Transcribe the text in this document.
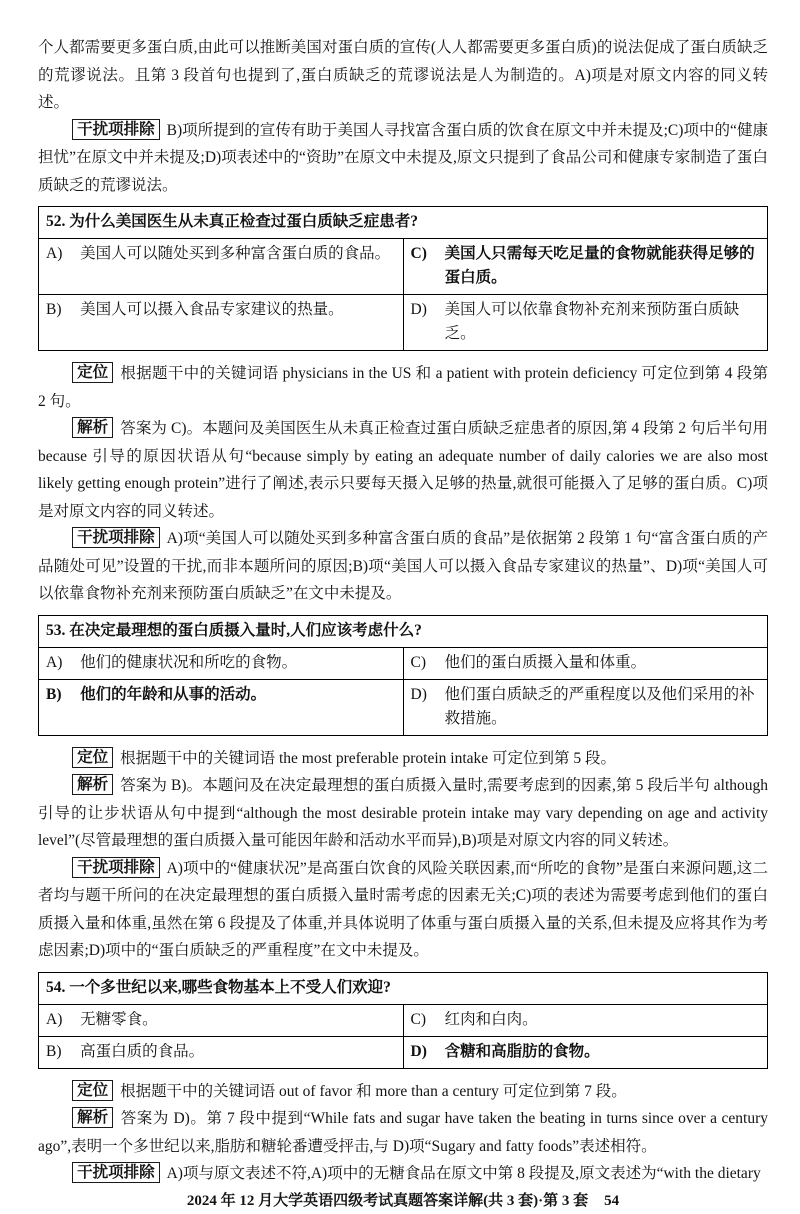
个人都需要更多蛋白质,由此可以推断美国对蛋白质的宣传(人人都需要更多蛋白质)的说法促成了蛋白质缺乏的荒谬说法。且第 3 段首句也提到了,蛋白质缺乏的荒谬说法是人为制造的。A)项是对原文内容的同义转述。

干扰项排除 B)项所提到的宣传有助于美国人寻找富含蛋白质的饮食在原文中并未提及;C)项中的“健康担忧”在原文中并未提及;D)项表述中的“资助”在原文中未提及,原文只提到了食品公司和健康专家制造了蛋白质缺乏的荒谬说法。

52. 为什么美国医生从未真正检查过蛋白质缺乏症患者?	

A) 美国人可以随处买到多种富含蛋白质的食品。	C) 美国人只需每天吃足量的食物就能获得足够的蛋白质。

B) 美国人可以摄入食品专家建议的热量。	D) 美国人可以依靠食物补充剂来预防蛋白质缺乏。

定位 根据题干中的关键词语 physicians in the US 和 a patient with protein deficiency 可定位到第 4 段第 2 句。

解析 答案为 C)。本题问及美国医生从未真正检查过蛋白质缺乏症患者的原因,第 4 段第 2 句后半句用 because 引导的原因状语从句“because simply by eating an adequate number of daily calories we are also most likely getting enough protein”进行了阐述,表示只要每天摄入足够的热量,就很可能摄入了足够的蛋白质。C)项是对原文内容的同义转述。

干扰项排除 A)项“美国人可以随处买到多种富含蛋白质的食品”是依据第 2 段第 1 句“富含蛋白质的产品随处可见”设置的干扰,而非本题所问的原因;B)项“美国人可以摄入食品专家建议的热量”、D)项“美国人可以依靠食物补充剂来预防蛋白质缺乏”在文中未提及。

53. 在决定最理想的蛋白质摄入量时,人们应该考虑什么?	

A) 他们的健康状况和所吃的食物。	C) 他们的蛋白质摄入量和体重。

B) 他们的年龄和从事的活动。	D) 他们蛋白质缺乏的严重程度以及他们采用的补救措施。

定位 根据题干中的关键词语 the most preferable protein intake 可定位到第 5 段。

解析 答案为 B)。本题问及在决定最理想的蛋白质摄入量时,需要考虑到的因素,第 5 段后半句 although 引导的让步状语从句中提到“although the most desirable protein intake may vary depending on age and activity level”(尽管最理想的蛋白质摄入量可能因年龄和活动水平而异),B)项是对原文内容的同义转述。

干扰项排除 A)项中的“健康状况”是高蛋白饮食的风险关联因素,而“所吃的食物”是蛋白来源问题,这二者均与题干所问的在决定最理想的蛋白质摄入量时需考虑的因素无关;C)项的表述为需要考虑到他们的蛋白质摄入量和体重,虽然在第 6 段提及了体重,并具体说明了体重与蛋白质摄入量的关系,但未提及应将其作为考虑因素;D)项中的“蛋白质缺乏的严重程度”在文中未提及。

54. 一个多世纪以来,哪些食物基本上不受人们欢迎?	

A) 无糖零食。	C) 红肉和白肉。

B) 高蛋白质的食品。	D) 含糖和高脂肪的食物。

定位 根据题干中的关键词语 out of favor 和 more than a century 可定位到第 7 段。

解析 答案为 D)。第 7 段中提到“While fats and sugar have taken the beating in turns since over a century ago”,表明一个多世纪以来,脂肪和糖轮番遭受抨击,与 D)项“Sugary and fatty foods”表述相符。

干扰项排除 A)项与原文表述不符,A)项中的无糖食品在原文中第 8 段提及,原文表述为“with the dietary

2024 年 12 月大学英语四级考试真题答案详解(共 3 套)·第 3 套 54
